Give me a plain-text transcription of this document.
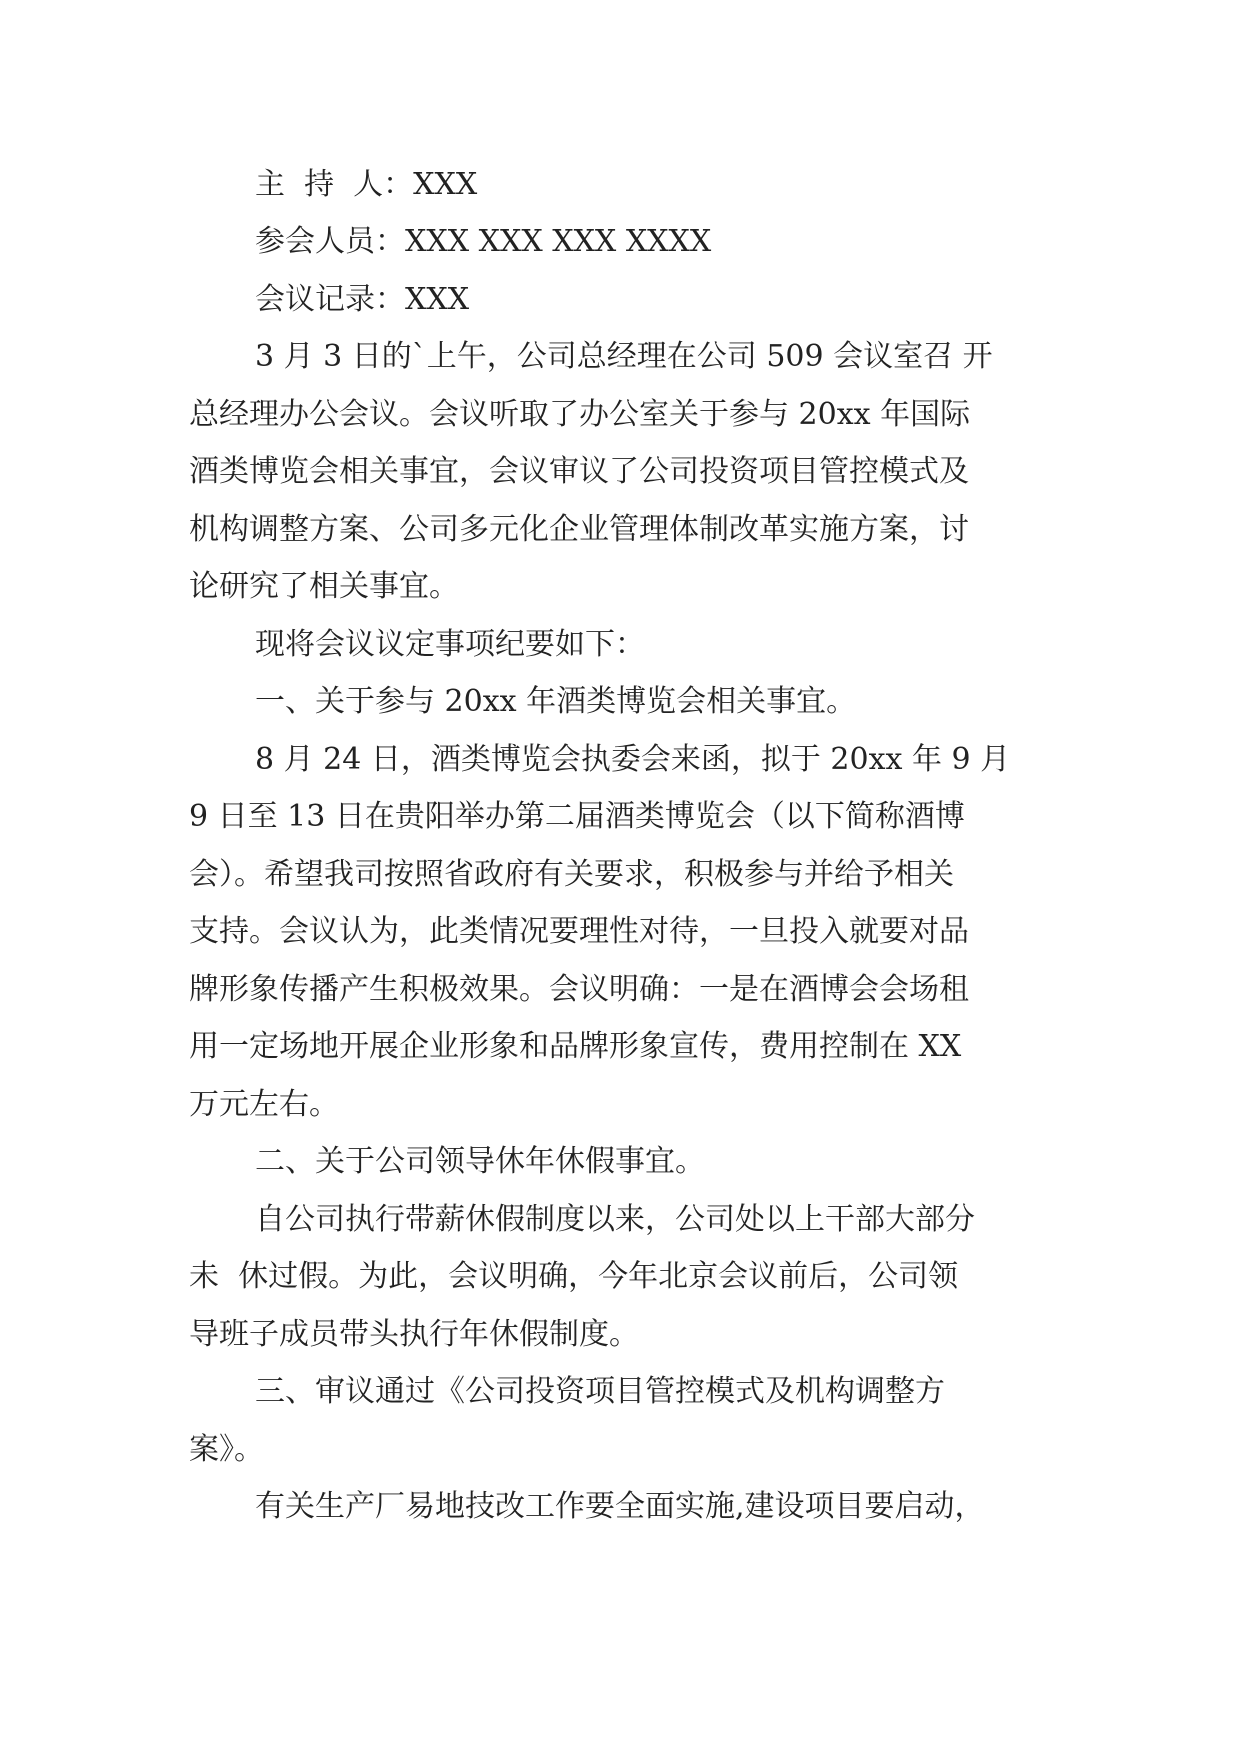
主  持  人：XXX
参会人员：XXX XXX XXX XXXX
会议记录：XXX
3 月 3 日的`上午，公司总经理在公司 509 会议室召 开
总经理办公会议。会议听取了办公室关于参与 20xx 年国际
酒类博览会相关事宜，会议审议了公司投资项目管控模式及
机构调整方案、公司多元化企业管理体制改革实施方案，讨
论研究了相关事宜。
现将会议议定事项纪要如下：
一、关于参与 20xx 年酒类博览会相关事宜。
8 月 24 日，酒类博览会执委会来函，拟于 20xx 年 9 月
9 日至 13 日在贵阳举办第二届酒类博览会（以下简称酒博
会）。希望我司按照省政府有关要求，积极参与并给予相关
支持。会议认为，此类情况要理性对待，一旦投入就要对品
牌形象传播产生积极效果。会议明确：一是在酒博会会场租
用一定场地开展企业形象和品牌形象宣传，费用控制在 XX
万元左右。
二、关于公司领导休年休假事宜。
自公司执行带薪休假制度以来，公司处以上干部大部分
未  休过假。为此，会议明确，今年北京会议前后，公司领
导班子成员带头执行年休假制度。
三、审议通过《公司投资项目管控模式及机构调整方
案》。
有关生产厂易地技改工作要全面实施,建设项目要启动，
